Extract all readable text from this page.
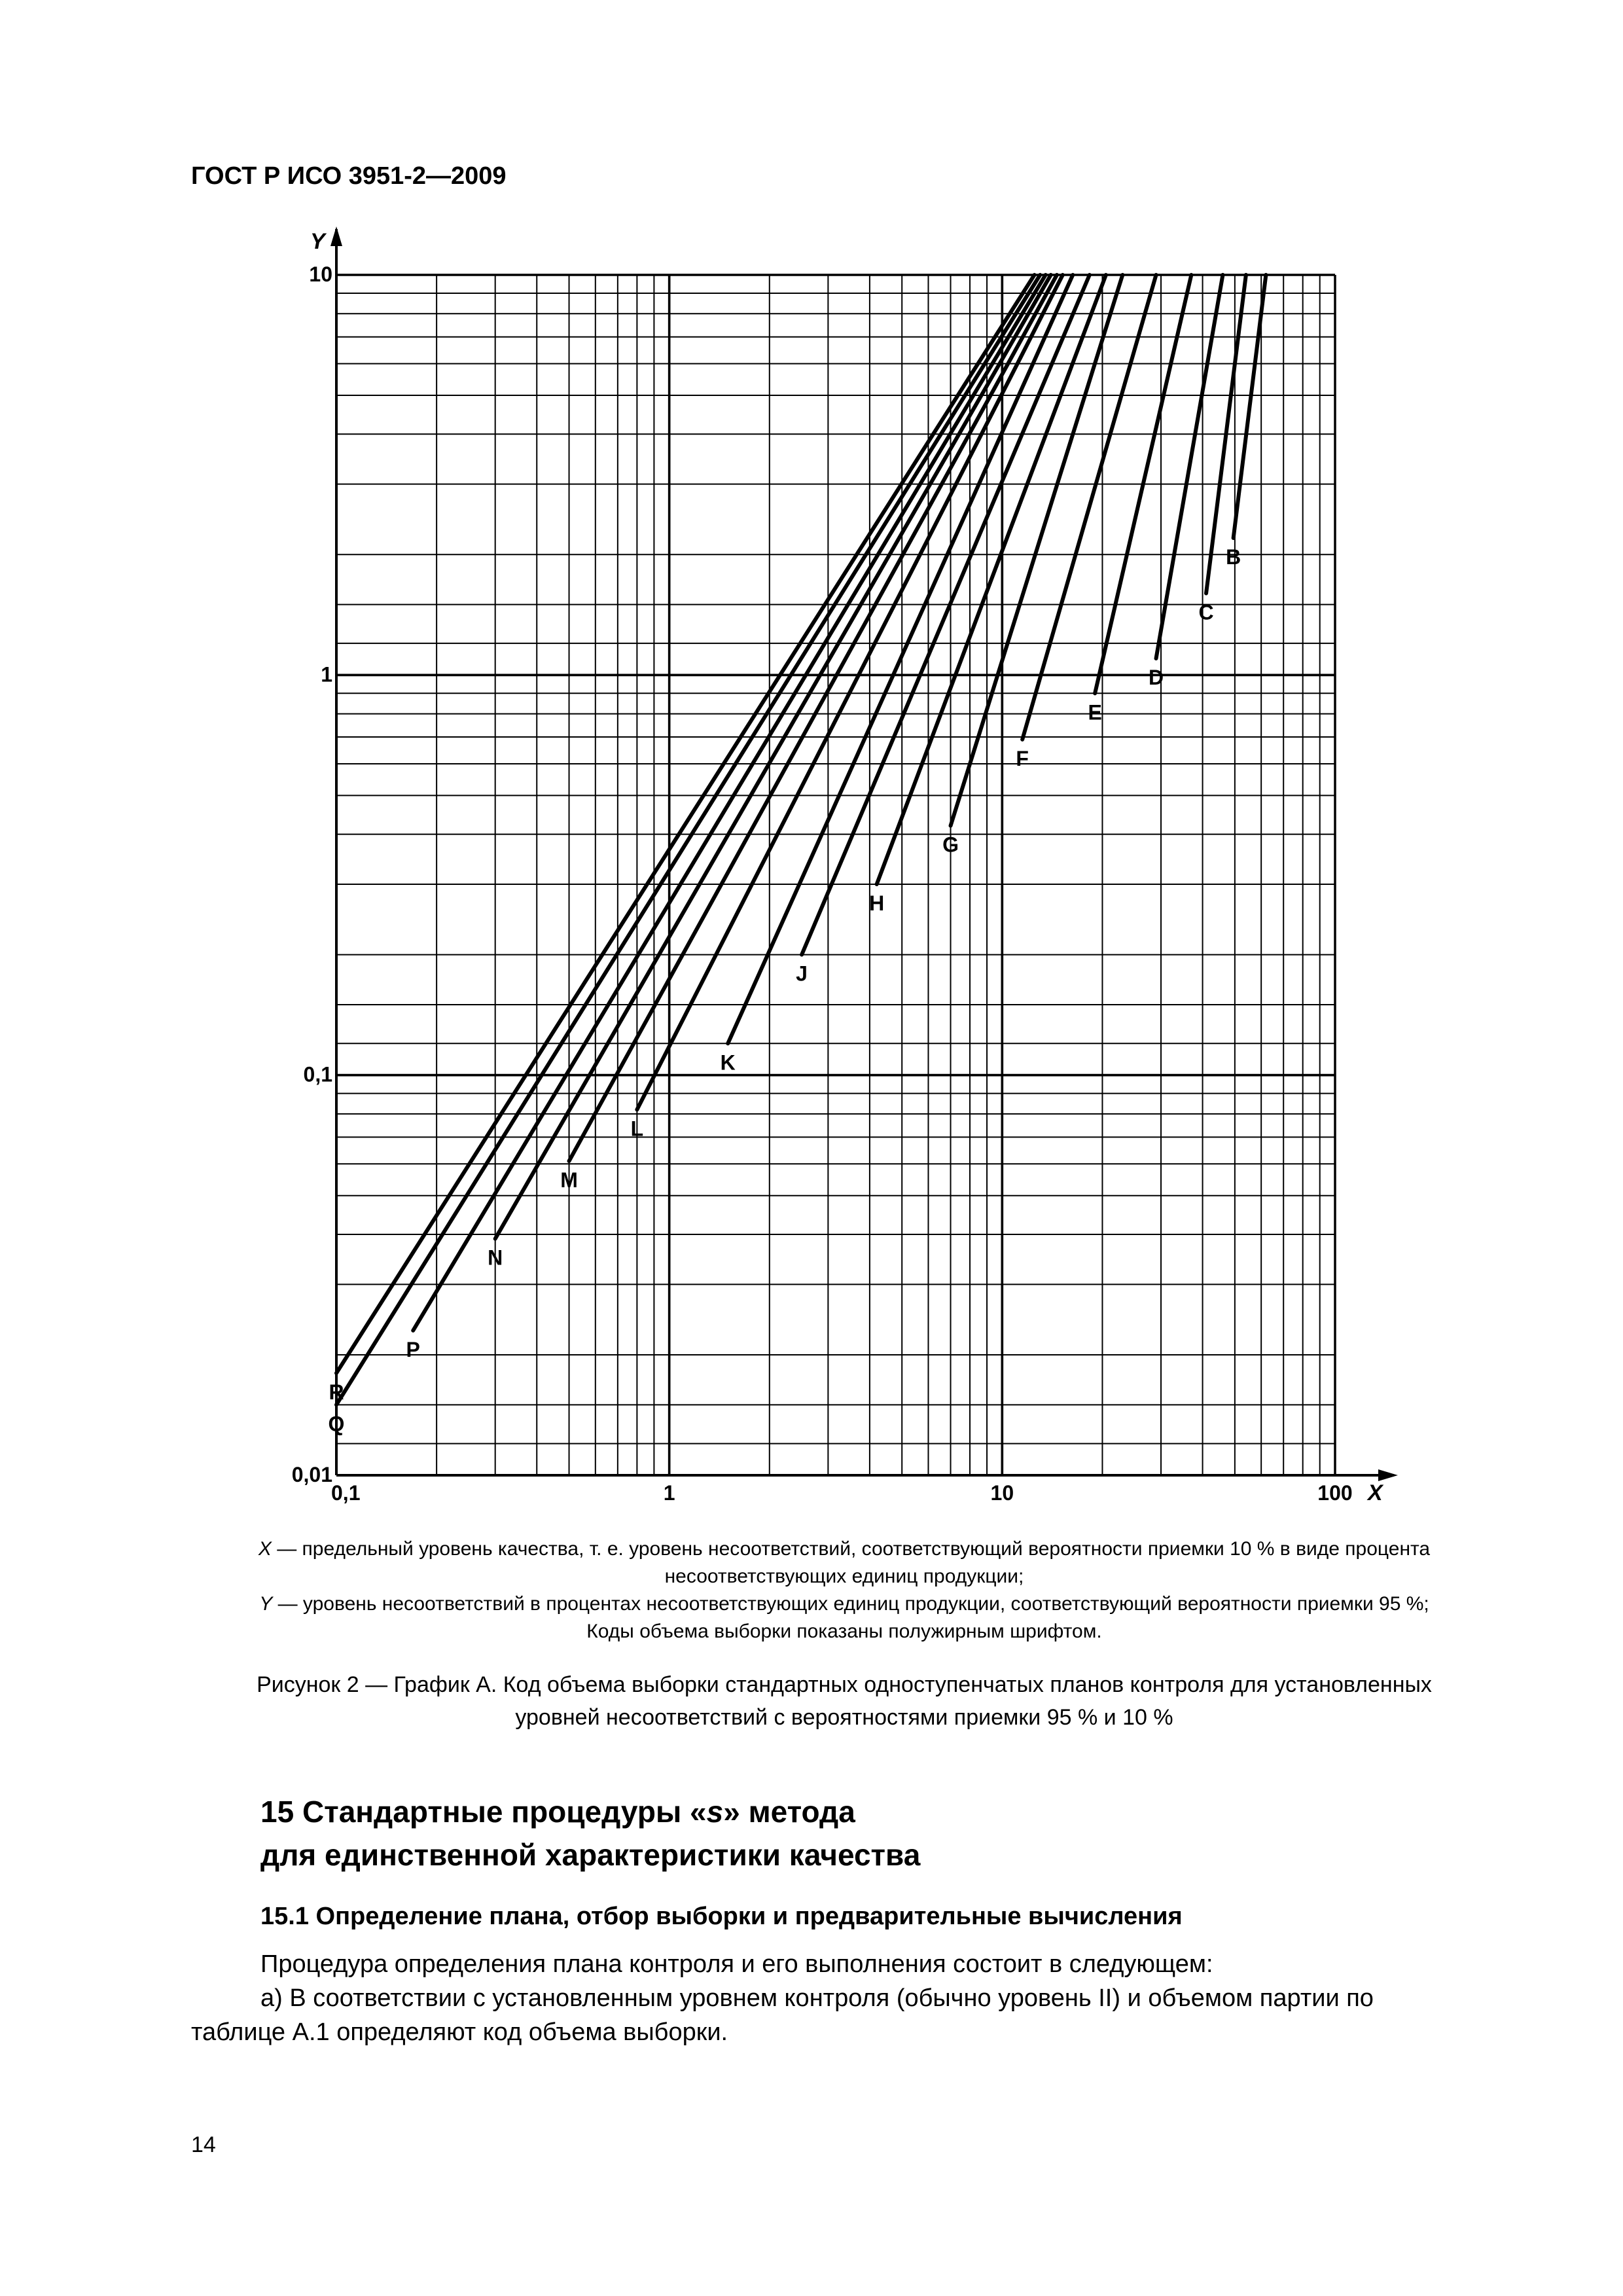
ГОСТ Р ИСО 3951-2—2009
Y
X
0,1	1	10	100
0,01
0,1
1
10
B
C
D
E
F
G
H
J
K
L
M
N
P
Q
R
X — предельный уровень качества, т. е. уровень несоответствий, соответствующий вероятности приемки 10 % в виде процента
несоответствующих единиц продукции;
Y — уровень несоответствий в процентах несоответствующих единиц продукции, соответствующий вероятности приемки 95 %;
Коды объема выборки показаны полужирным шрифтом.
Рисунок 2 — График А. Код объема выборки стандартных одноступенчатых планов контроля для установленных
уровней несоответствий с вероятностями приемки 95 % и 10 %
15 Стандартные процедуры «s» метода
для единственной характеристики качества
15.1 Определение плана, отбор выборки и предварительные вычисления
Процедура определения плана контроля и его выполнения состоит в следующем:
а) В соответствии с установленным уровнем контроля (обычно уровень II) и объемом партии по
таблице А.1 определяют код объема выборки.
14
